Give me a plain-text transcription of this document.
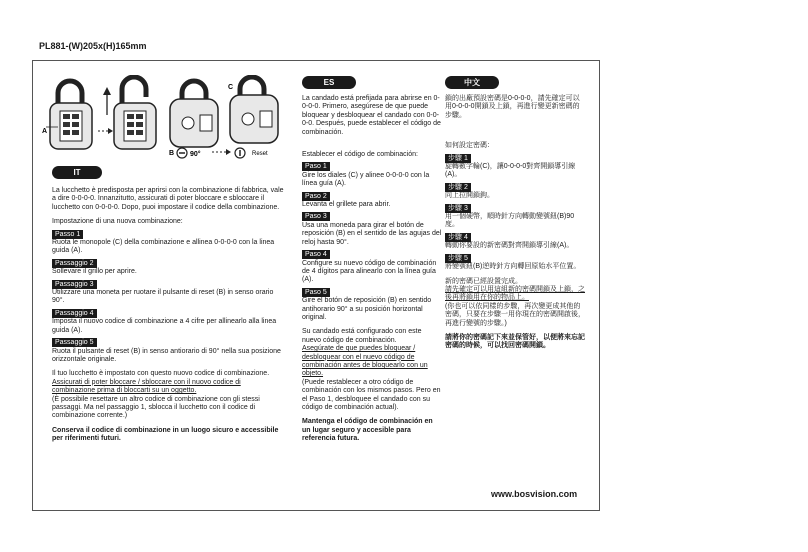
PL881-(W)205x(H)165mm
A
B 90°	Reset
C
IT

La lucchetto è predisposta per aprirsi con la combinazione di fabbrica, vale a dire 0-0-0-0. Innanzitutto, assicurati di poter bloccare e sbloccare il lucchetto con 0-0-0-0. Dopo, puoi impostare il codice della combinazione.

Impostazione di una nuova combinazione:

Passo 1

Ruota le monopole (C) della combinazione e allinea 0-0-0-0 con la linea guida (A).

Passaggio 2

Sollevare il grillo per aprire.

Passaggio 3

Utilizzare una moneta per ruotare il pulsante di reset (B) in senso orario 90°.

Passaggio 4

Imposta il nuovo codice di combinazione a 4 cifre per allinearlo alla linea guida (A).

Passaggio 5

Ruota il pulsante di reset (B) in senso antiorario di 90° nella sua posizione orizzontale originale.

Il tuo lucchetto è impostato con questo nuovo codice di combinazione.

Assicurati di poter bloccare / sbloccare con il nuovo codice di combinazione prima di bloccarti su un oggetto.

(È possibile resettare un altro codice di combinazione con gli stessi passaggi. Ma nel passaggio 1, sblocca il lucchetto con il codice di combinazione corrente.)

Conserva il codice di combinazione in un luogo sicuro e accessibile per riferimenti futuri.

ES

La candado está prefijada para abrirse en 0-0-0-0. Primero, asegúrese de que puede bloquear y desbloquear el candado con 0-0-0-0. Después, puede establecer el código de combinación.

Establecer el código de combinación:

Paso 1

Gire los diales (C) y alinee 0-0-0-0 con la línea guía (A).

Paso 2

Levanta el grillete para abrir.

Paso 3

Usa una moneda para girar el botón de reposición (B) en el sentido de las agujas del reloj hasta 90°.

Paso 4

Configure su nuevo código de combinación de 4 dígitos para alinearlo con la línea guía (A).

Paso 5

Gire el botón de reposición (B) en sentido antihorario 90° a su posición horizontal original.

Su candado está configurado con este nuevo código de combinación.

Asegúrate de que puedes bloquear / desbloquear con el nuevo código de combinación antes de bloquearlo con un objeto.

(Puede restablecer a otro código de combinación con los mismos pasos. Pero en el Paso 1, desbloquee el candado con su código de combinación actual).

Mantenga el código de combinación en un lugar seguro y accesible para referencia futura.

中文

鎖的出廠預設密碼是0-0-0-0，請先確定可以用0-0-0-0開鎖及上鎖，再進行變更新密碼的步驟。

如何設定密碼：

步驟 1

旋轉數字輪(C)，讓0-0-0-0對齊開鎖導引線(A)。

步驟 2

向上拉開鎖鉤。

步驟 3

用一個硬幣，順時針方向轉動變號鈕(B)90度。

步驟 4

轉動你要設的新密碼對齊開鎖導引線(A)。

步驟 5

將變號鈕(B)逆時針方向轉回原始水平位置。

新的密碼已經設置完成。

請先確定可以用這組新的密碼開鎖及上鎖，之後再將鎖用在你的物品上。

(你也可以依同樣的步驟，再次變更成其他的密碼，只要在步驟一用你現在的密碼開啟後，再進行變號的步驟。)

請將你的密碼記下來並保管好，以便將來忘記密碼的時候，可以找回密碼開鎖。

www.bosvision.com
